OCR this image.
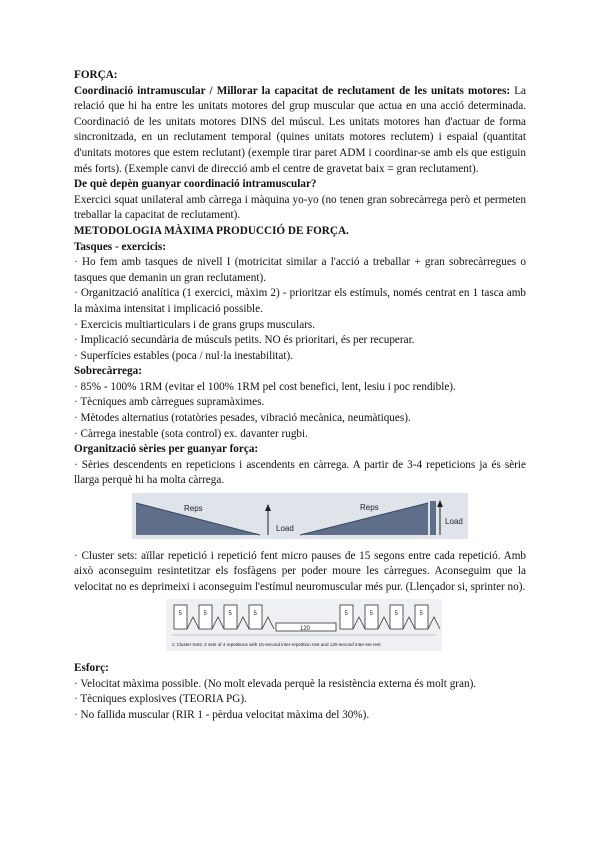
FORÇA:

Coordinació intramuscular / Millorar la capacitat de reclutament de les unitats motores: La relació que hi ha entre les unitats motores del grup muscular que actua en una acció determinada. Coordinació de les unitats motores DINS del múscul. Les unitats motores han d'actuar de forma sincronitzada, en un reclutament temporal (quines unitats motores reclutem) i espaial (quantitat d'unitats motores que estem reclutant) (exemple tirar paret ADM i coordinar-se amb els que estiguin més forts). (Exemple canvi de direcció amb el centre de gravetat baix = gran reclutament).

De què depèn guanyar coordinació intramuscular?

Exercici squat unilateral amb càrrega i màquina yo-yo (no tenen gran sobrecàrrega però et permeten treballar la capacitat de reclutament).

METODOLOGIA MÀXIMA PRODUCCIÓ DE FORÇA.

Tasques - exercicis:

· Ho fem amb tasques de nivell I (motricitat similar a l'acció a treballar + gran sobrecàrregues o tasques que demanin un gran reclutament).

· Organització analítica (1 exercici, màxim 2) - prioritzar els estímuls, només centrat en 1 tasca amb la màxima intensitat i implicació possible.

· Exercicis multiarticulars i de grans grups musculars.

· Implicació secundària de músculs petits. NO és prioritari, és per recuperar.

· Superfícies estables (poca / nul·la inestabilitat).

Sobrecàrrega:

· 85% - 100% 1RM (evitar el 100% 1RM pel cost benefici, lent, lesiu i poc rendible).

· Tècniques amb càrregues supramàximes.

· Mètodes alternatius (rotatòries pesades, vibració mecànica, neumàtiques).

· Càrrega inestable (sota control) ex. davanter rugbi.

Organització sèries per guanyar força:

· Sèries descendents en repeticions i ascendents en càrrega. A partir de 3-4 repeticions ja és sèrie llarga perquè hi ha molta càrrega.

Reps
Load
Reps
Load

· Cluster sets: aïllar repetició i repetició fent micro pauses de 15 segons entre cada repetició. Amb això aconseguim resintetitzar els fosfàgens per poder moure les càrregues. Aconseguim que la velocitat no es deprimeixi i aconseguim l'estímul neuromuscular més pur. (Llençador si, sprinter no).

5	5	5	5
120
5	5	5	5
C Cluster Sets: 2 sets of 4 repetitions with 15-second inter-repetition rest and 120-second inter-set rest

Esforç:

· Velocitat màxima possible. (No molt elevada perquè la resistència externa és molt gran).

· Tècniques explosives (TEORIA PG).

· No fallida muscular (RIR 1 - pèrdua velocitat màxima del 30%).
